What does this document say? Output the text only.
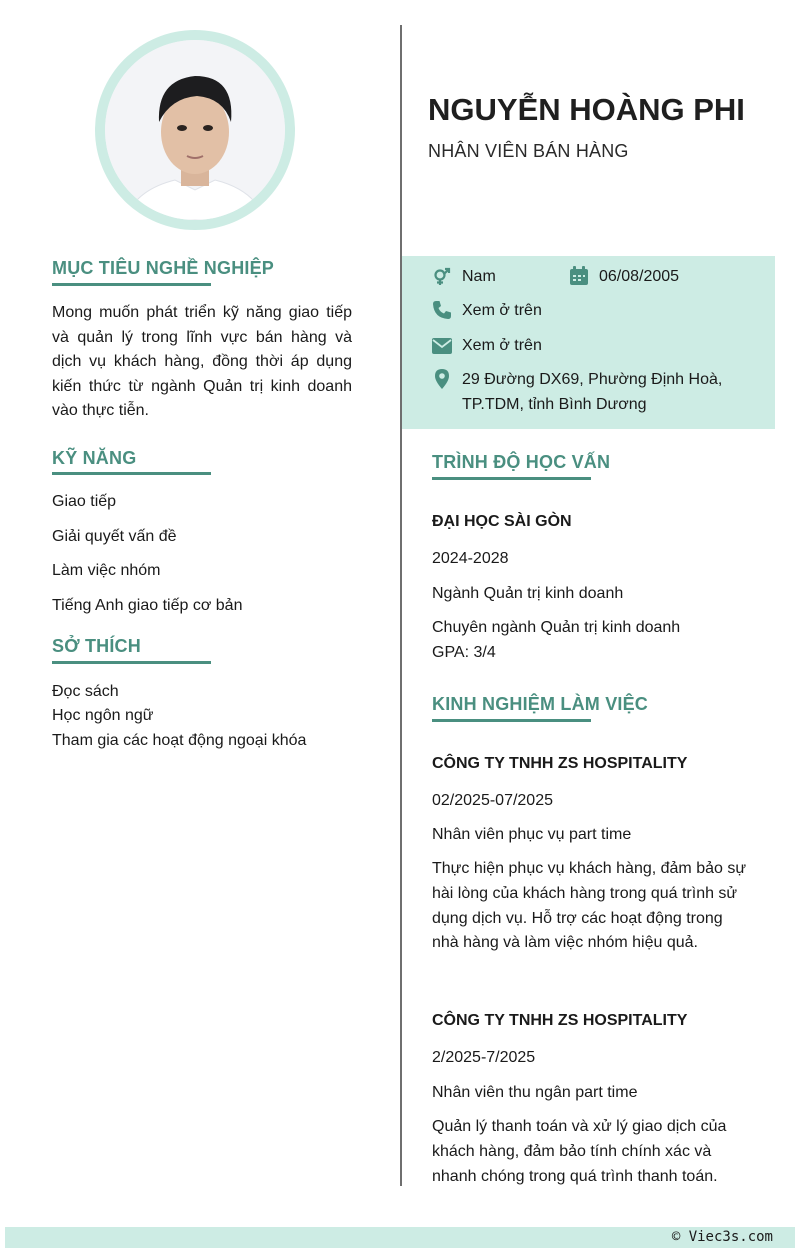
MỤC TIÊU NGHỀ NGHIỆP

Mong muốn phát triển kỹ năng giao tiếp và quản lý trong lĩnh vực bán hàng và dịch vụ khách hàng, đồng thời áp dụng kiến thức từ ngành Quản trị kinh doanh vào thực tiễn.

KỸ NĂNG
Giao tiếp
Giải quyết vấn đề
Làm việc nhóm
Tiếng Anh giao tiếp cơ bản
SỞ THÍCH
Đọc sách
Học ngôn ngữ
Tham gia các hoạt động ngoại khóa
NGUYỄN HOÀNG PHI
NHÂN VIÊN BÁN HÀNG
Nam	06/08/2005
Xem ở trên
Xem ở trên
29 Đường DX69, Phường Định Hoà,
TP.TDM, tỉnh Bình Dương
TRÌNH ĐỘ HỌC VẤN
ĐẠI HỌC SÀI GÒN
2024-2028
Ngành Quản trị kinh doanh
Chuyên ngành Quản trị kinh doanh
GPA: 3/4
KINH NGHIỆM LÀM VIỆC
CÔNG TY TNHH ZS HOSPITALITY
02/2025-07/2025
Nhân viên phục vụ part time
Thực hiện phục vụ khách hàng, đảm bảo sự hài lòng của khách hàng trong quá trình sử dụng dịch vụ. Hỗ trợ các hoạt động trong nhà hàng và làm việc nhóm hiệu quả.
CÔNG TY TNHH ZS HOSPITALITY
2/2025-7/2025
Nhân viên thu ngân part time
Quản lý thanh toán và xử lý giao dịch của khách hàng, đảm bảo tính chính xác và nhanh chóng trong quá trình thanh toán.
© Viec3s.com
